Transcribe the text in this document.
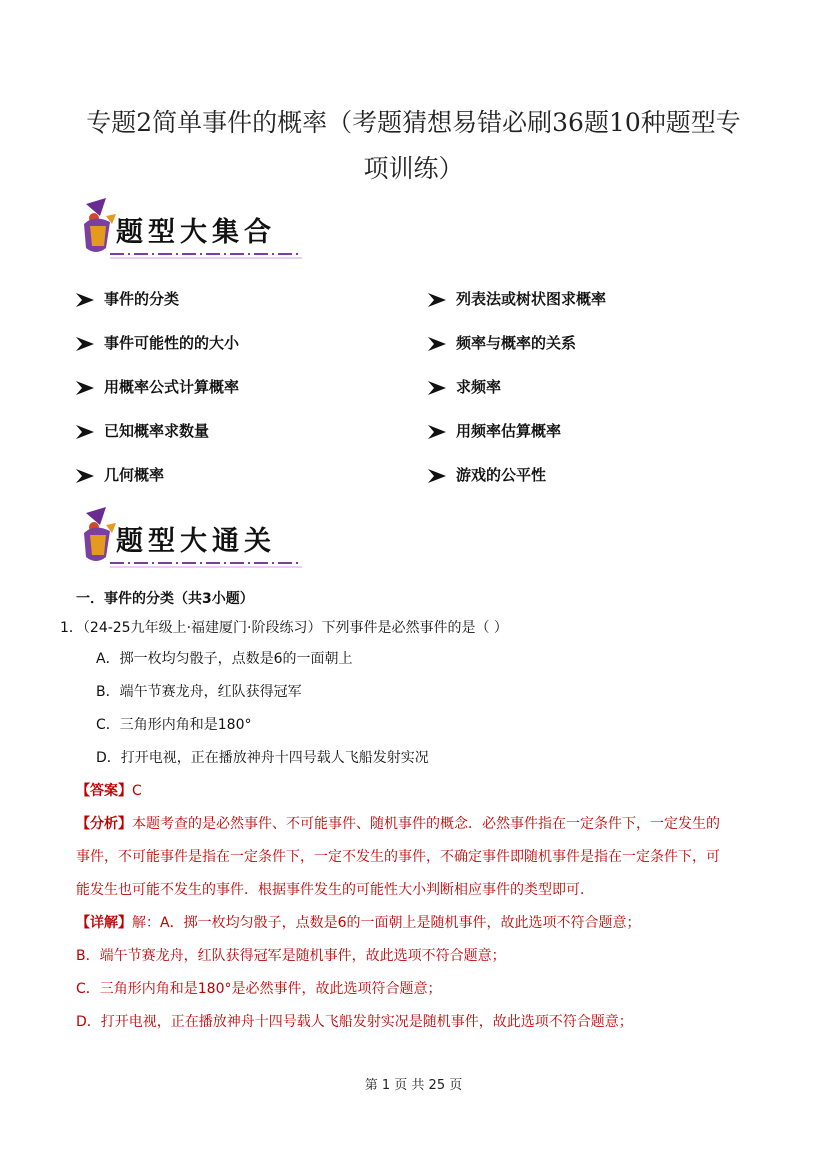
专题2简单事件的概率（考题猜想易错必刷36题10种题型专
项训练）
题型大集合
事件的分类
事件可能性的的大小
用概率公式计算概率
已知概率求数量
几何概率
列表法或树状图求概率
频率与概率的关系
求频率
用频率估算概率
游戏的公平性
题型大通关
一．事件的分类（共3小题）
1．（24-25九年级上·福建厦门·阶段练习）下列事件是必然事件的是（ ）
A．掷一枚均匀骰子，点数是6的一面朝上
B．端午节赛龙舟，红队获得冠军
C．三角形内角和是180°
D．打开电视，正在播放神舟十四号载人飞船发射实况
【答案】C
【分析】本题考查的是必然事件、不可能事件、随机事件的概念．必然事件指在一定条件下，一定发生的
事件，不可能事件是指在一定条件下，一定不发生的事件，不确定事件即随机事件是指在一定条件下，可
能发生也可能不发生的事件．根据事件发生的可能性大小判断相应事件的类型即可．
【详解】解：A．掷一枚均匀骰子，点数是6的一面朝上是随机事件，故此选项不符合题意；
B．端午节赛龙舟，红队获得冠军是随机事件，故此选项不符合题意；
C．三角形内角和是180°是必然事件，故此选项符合题意；
D．打开电视，正在播放神舟十四号载人飞船发射实况是随机事件，故此选项不符合题意；
第 1 页 共 25 页
